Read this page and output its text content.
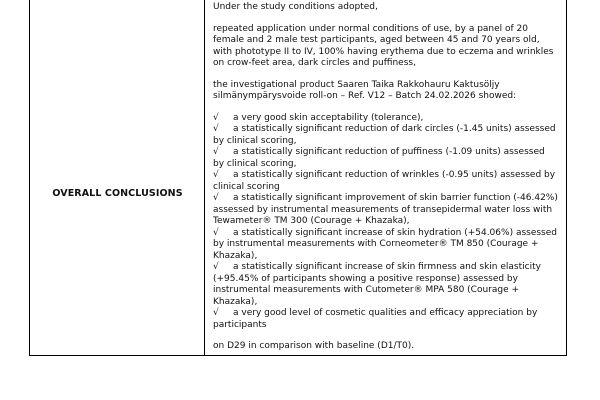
OVERALL CONCLUSIONS

Under the study conditions adopted,

repeated application under normal conditions of use, by a panel of 20 female and 2 male test participants, aged between 45 and 70 years old, with phototype II to IV, 100% having erythema due to eczema and wrinkles on crow-feet area, dark circles and puffiness,

the investigational product Saaren Taika Rakkohauru Kaktusöljy silmänympärysvoide roll-on – Ref. V12 – Batch 24.02.2026 showed:

√ a very good skin acceptability (tolerance),

√ a statistically significant reduction of dark circles (-1.45 units) assessed by clinical scoring,

√ a statistically significant reduction of puffiness (-1.09 units) assessed by clinical scoring,

√ a statistically significant reduction of wrinkles (-0.95 units) assessed by clinical scoring

√ a statistically significant improvement of skin barrier function (-46.42%) assessed by instrumental measurements of transepidermal water loss with Tewameter® TM 300 (Courage + Khazaka),

√ a statistically significant increase of skin hydration (+54.06%) assessed by instrumental measurements with Corneometer® TM 850 (Courage + Khazaka),

√ a statistically significant increase of skin firmness and skin elasticity (+95.45% of participants showing a positive response) assessed by instrumental measurements with Cutometer® MPA 580 (Courage + Khazaka),

√ a very good level of cosmetic qualities and efficacy appreciation by participants

on D29 in comparison with baseline (D1/T0).
